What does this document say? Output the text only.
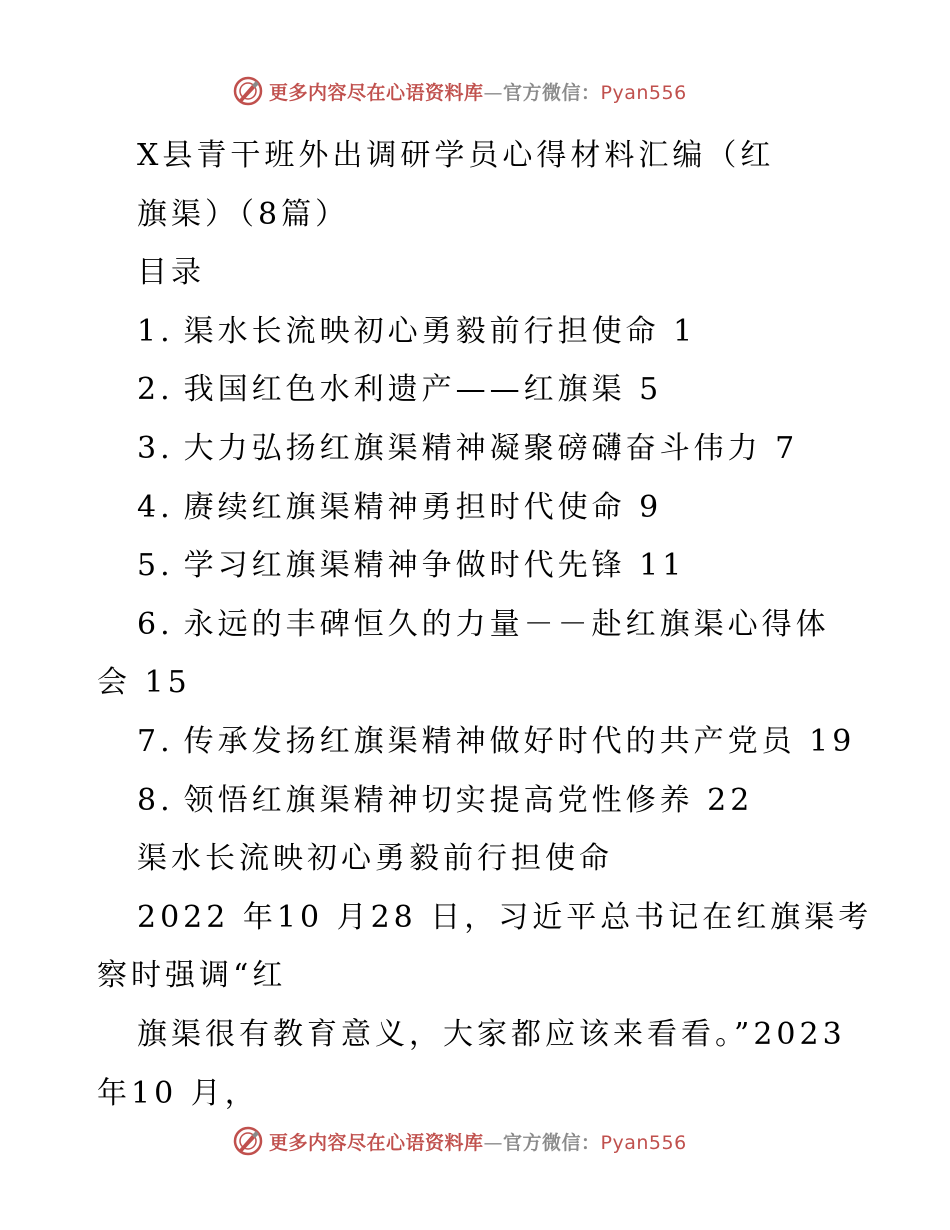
更多内容尽在心语资料库—官方微信：Pyan556
X县青干班外出调研学员心得材料汇编（红
旗渠）（8篇）
目录
1. 渠水长流映初心勇毅前行担使命 1
2. 我国红色水利遗产——红旗渠 5
3. 大力弘扬红旗渠精神凝聚磅礴奋斗伟力 7
4. 赓续红旗渠精神勇担时代使命 9
5. 学习红旗渠精神争做时代先锋 11
6. 永远的丰碑恒久的力量－－赴红旗渠心得体
会 15
7. 传承发扬红旗渠精神做好时代的共产党员 19
8. 领悟红旗渠精神切实提高党性修养 22
渠水长流映初心勇毅前行担使命
2022 年10 月28 日，习近平总书记在红旗渠考
察时强调“红
旗渠很有教育意义，大家都应该来看看。”2023
年10 月，
更多内容尽在心语资料库—官方微信：Pyan556
